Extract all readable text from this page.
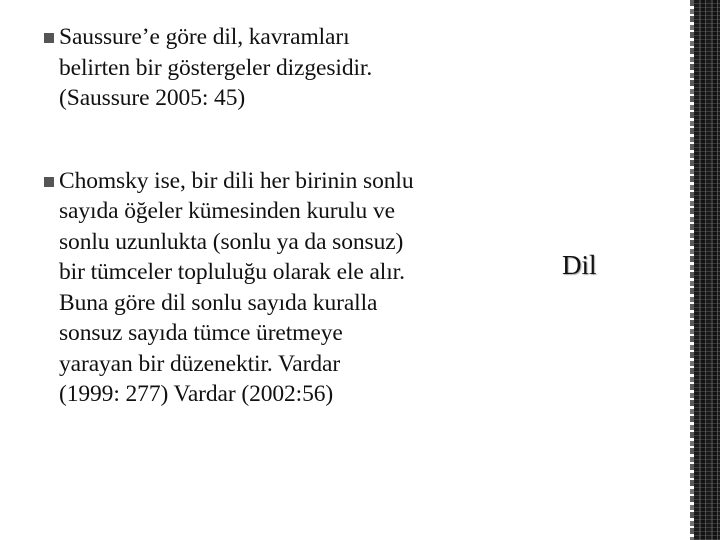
Saussure’e göre dil, kavramları
belirten bir göstergeler dizgesidir.
(Saussure 2005: 45)
Chomsky ise, bir dili her birinin sonlu
sayıda öğeler kümesinden kurulu ve
sonlu uzunlukta (sonlu ya da sonsuz)
bir tümceler topluluğu olarak ele alır.
Buna göre dil sonlu sayıda kuralla
sonsuz sayıda tümce üretmeye
yarayan bir düzenektir. Vardar
(1999: 277) Vardar (2002:56)
Dil
